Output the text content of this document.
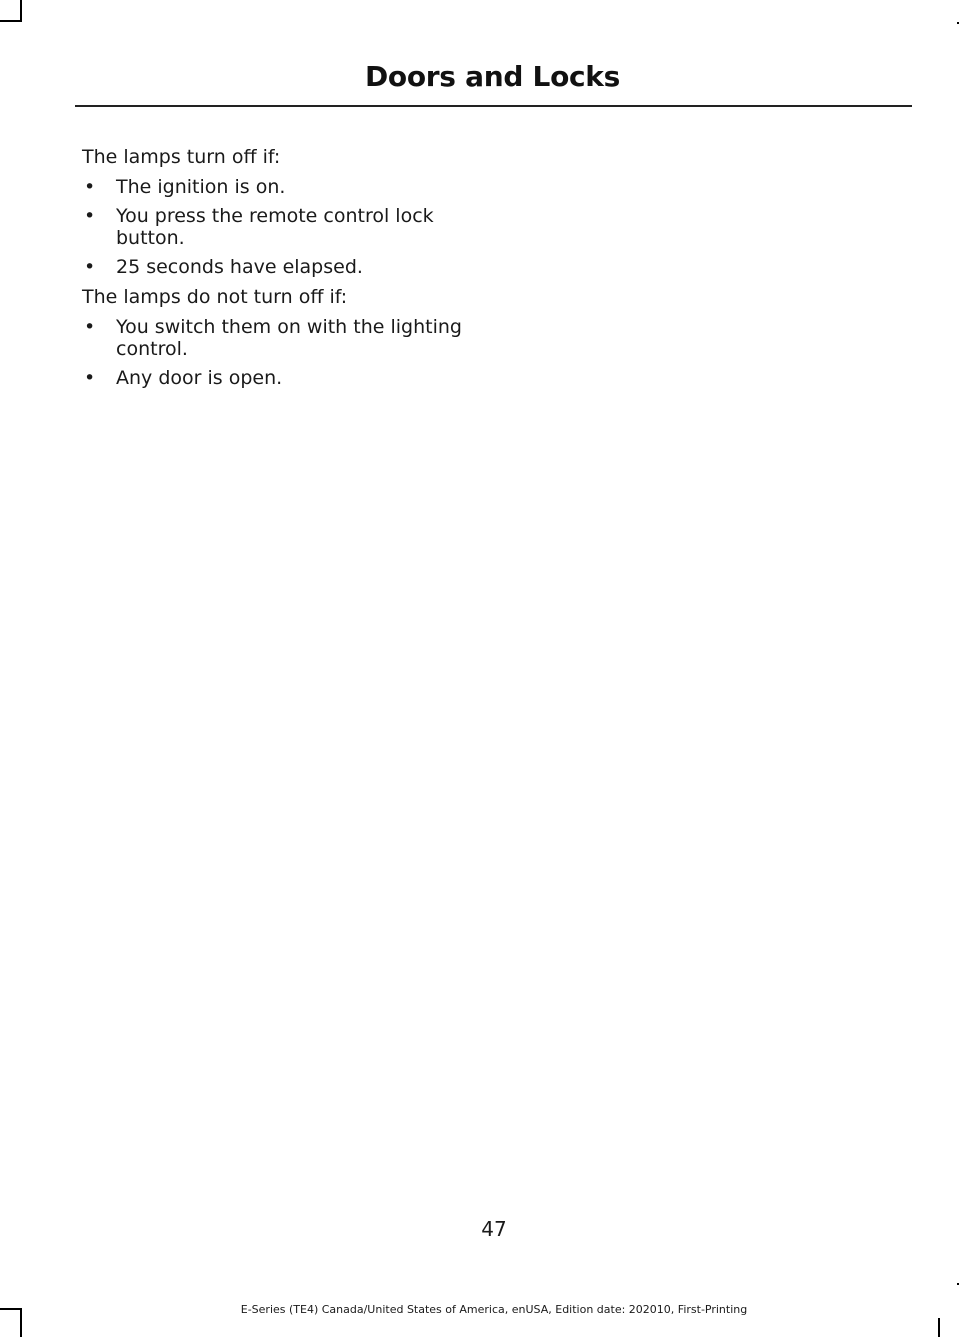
Doors and Locks

The lamps turn off if:

• The ignition is on.
• You press the remote control lock button.
• 25 seconds have elapsed.

The lamps do not turn off if:

• You switch them on with the lighting control.
• Any door is open.
47
E-Series (TE4) Canada/United States of America, enUSA, Edition date: 202010, First-Printing
